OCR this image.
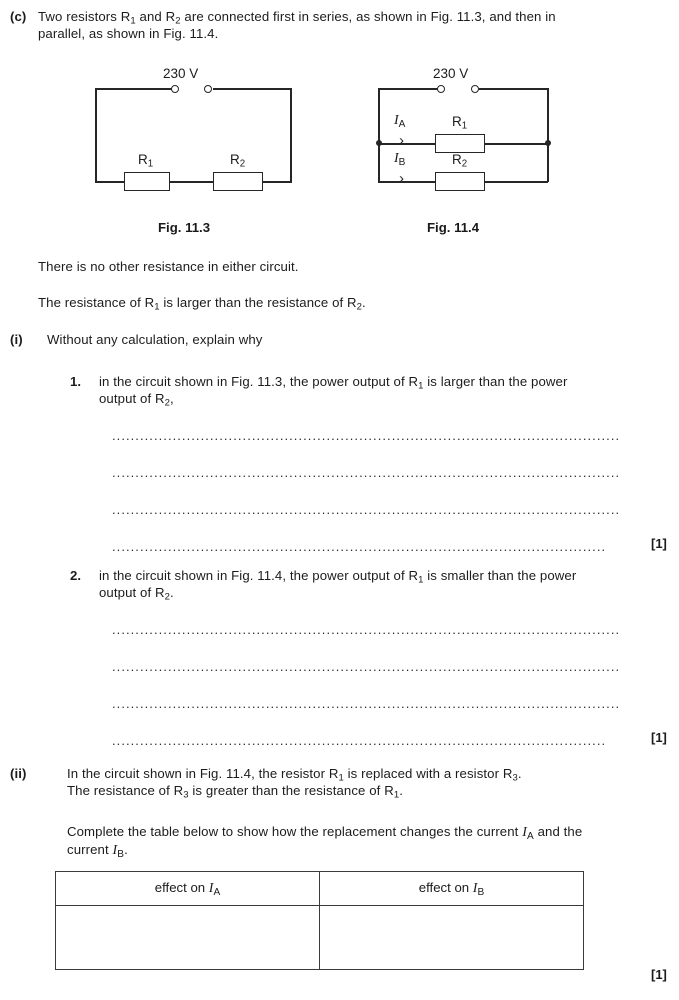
(c) Two resistors $R_1$ and $R_2$ are connected first in series, as shown in Fig. 11.3, and then in
parallel, as shown in Fig. 11.4.
230 V
$R_1$	$R_2$
Fig. 11.3
230 V
$R_1$
$R_2$
$I_A$
›
$I_B$
›
Fig. 11.4
There is no other resistance in either circuit.
The resistance of $R_1$ is larger than the resistance of $R_2$.
(i) Without any calculation, explain why
1. in the circuit shown in Fig. 11.3, the power output of $R_1$ is larger than the power
output of $R_2$,
.............................................................................................................
.............................................................................................................
.............................................................................................................
..........................................................................................................	[1]
2. in the circuit shown in Fig. 11.4, the power output of $R_1$ is smaller than the power
output of $R_2$.
.............................................................................................................
.............................................................................................................
.............................................................................................................
..........................................................................................................	[1]
(ii)	In the circuit shown in Fig. 11.4, the resistor $R_1$ is replaced with a resistor $R_3$.
The resistance of $R_3$ is greater than the resistance of $R_1$.
Complete the table below to show how the replacement changes the current $I_A$ and the
current $I_B$.
effect on $I_A$	effect on $I_B$

[1]
